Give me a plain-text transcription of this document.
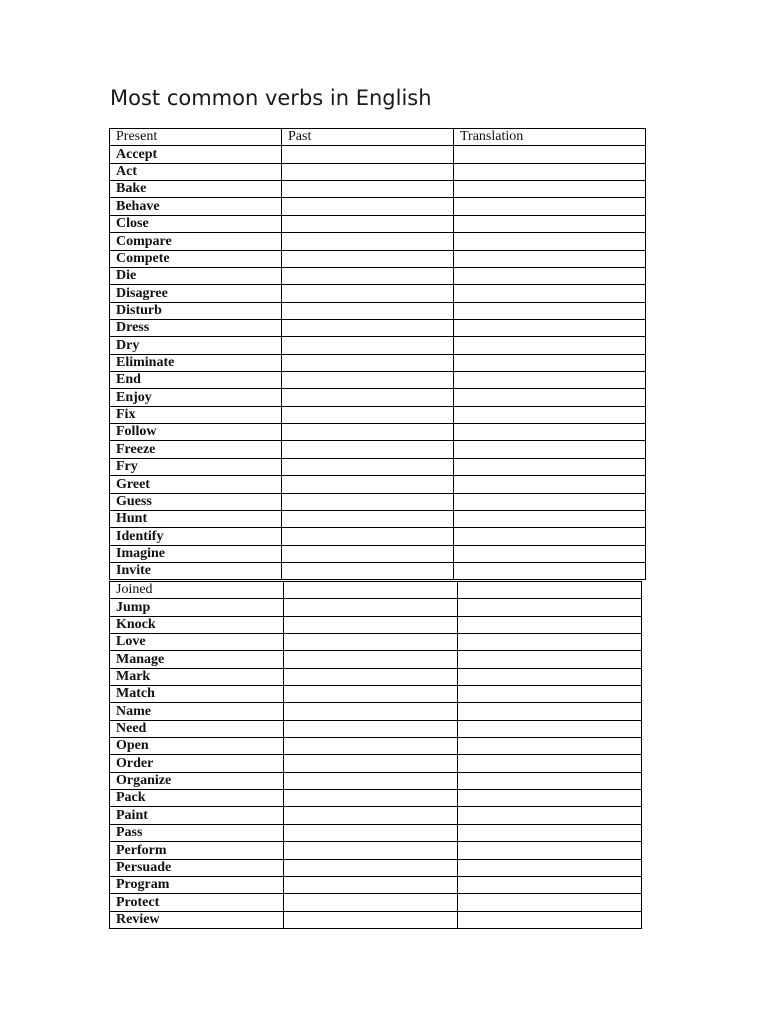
Most common verbs in English
Present	Past	Translation
Accept		
Act		
Bake		
Behave		
Close		
Compare		
Compete		
Die		
Disagree		
Disturb		
Dress		
Dry		
Eliminate		
End		
Enjoy		
Fix		
Follow		
Freeze		
Fry		
Greet		
Guess		
Hunt		
Identify		
Imagine		
Invite		
Joined		
Jump		
Knock		
Love		
Manage		
Mark		
Match		
Name		
Need		
Open		
Order		
Organize		
Pack		
Paint		
Pass		
Perform		
Persuade		
Program		
Protect		
Review		
